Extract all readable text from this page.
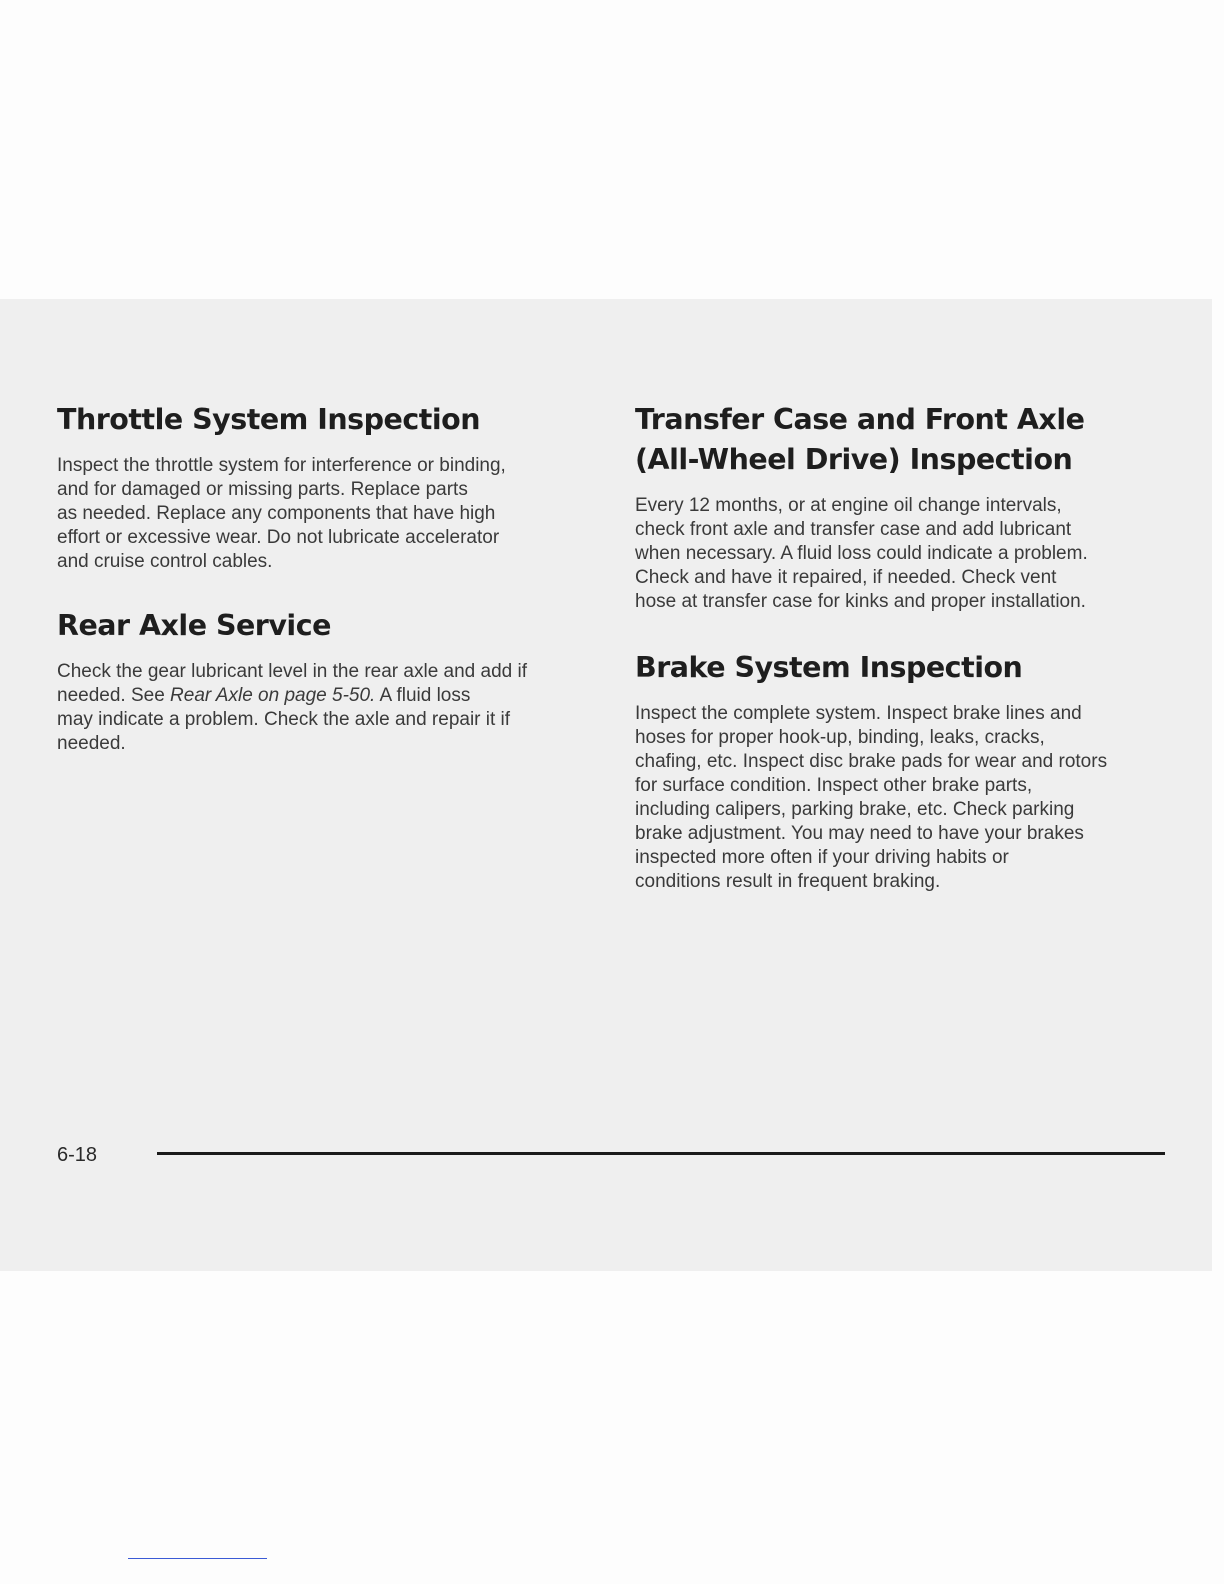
Throttle System Inspection
Inspect the throttle system for interference or binding,
and for damaged or missing parts. Replace parts
as needed. Replace any components that have high
effort or excessive wear. Do not lubricate accelerator
and cruise control cables.
Rear Axle Service
Check the gear lubricant level in the rear axle and add if
needed. See Rear Axle on page 5-50. A fluid loss
may indicate a problem. Check the axle and repair it if
needed.
Transfer Case and Front Axle
(All-Wheel Drive) Inspection
Every 12 months, or at engine oil change intervals,
check front axle and transfer case and add lubricant
when necessary. A fluid loss could indicate a problem.
Check and have it repaired, if needed. Check vent
hose at transfer case for kinks and proper installation.
Brake System Inspection
Inspect the complete system. Inspect brake lines and
hoses for proper hook-up, binding, leaks, cracks,
chafing, etc. Inspect disc brake pads for wear and rotors
for surface condition. Inspect other brake parts,
including calipers, parking brake, etc. Check parking
brake adjustment. You may need to have your brakes
inspected more often if your driving habits or
conditions result in frequent braking.
6-18
